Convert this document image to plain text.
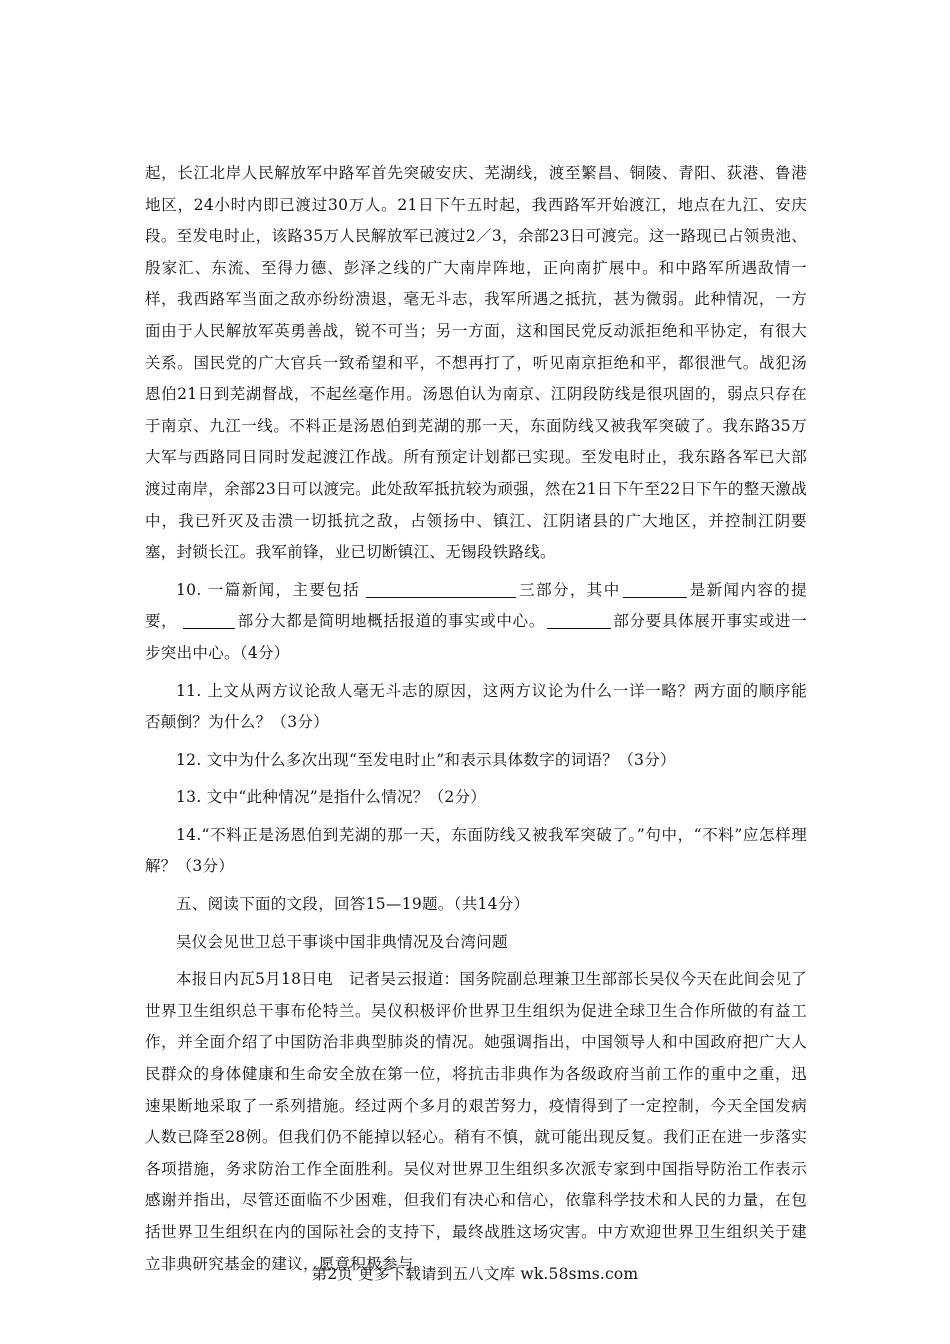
起，长江北岸人民解放军中路军首先突破安庆、芜湖线，渡至繁昌、铜陵、青阳、荻港、鲁港地区，24小时内即已渡过30万人。21日下午五时起，我西路军开始渡江，地点在九江、安庆段。至发电时止，该路35万人民解放军已渡过2／3，余部23日可渡完。这一路现已占领贵池、殷家汇、东流、至得力德、彭泽之线的广大南岸阵地，正向南扩展中。和中路军所遇敌情一样，我西路军当面之敌亦纷纷溃退，毫无斗志，我军所遇之抵抗，甚为微弱。此种情况，一方面由于人民解放军英勇善战，锐不可当；另一方面，这和国民党反动派拒绝和平协定，有很大关系。国民党的广大官兵一致希望和平，不想再打了，听见南京拒绝和平，都很泄气。战犯汤恩伯21日到芜湖督战，不起丝毫作用。汤恩伯认为南京、江阴段防线是很巩固的，弱点只存在于南京、九江一线。不料正是汤恩伯到芜湖的那一天，东面防线又被我军突破了。我东路35万大军与西路同日同时发起渡江作战。所有预定计划都已实现。至发电时止，我东路各军已大部渡过南岸，余部23日可以渡完。此处敌军抵抗较为顽强，然在21日下午至22日下午的整天激战中，我已歼灭及击溃一切抵抗之敌，占领扬中、镇江、江阴诸县的广大地区，并控制江阴要塞，封锁长江。我军前锋，业已切断镇江、无锡段铁路线。

10. 一篇新闻，主要包括	三部分，其中	是新闻内容的提要，	部分大都是简明地概括报道的事实或中心。	部分要具体展开事实或进一步突出中心。（4分）

11. 上文从两方议论敌人毫无斗志的原因，这两方议论为什么一详一略？两方面的顺序能否颠倒？为什么？（3分）

12. 文中为什么多次出现“至发电时止”和表示具体数字的词语？（3分）

13. 文中“此种情况”是指什么情况？（2分）

14.“不料正是汤恩伯到芜湖的那一天，东面防线又被我军突破了。”句中，“不料”应怎样理解？（3分）

五、阅读下面的文段，回答15—19题。（共14分）

吴仪会见世卫总干事谈中国非典情况及台湾问题

本报日内瓦5月18日电　记者吴云报道：国务院副总理兼卫生部部长吴仪今天在此间会见了世界卫生组织总干事布伦特兰。吴仪积极评价世界卫生组织为促进全球卫生合作所做的有益工作，并全面介绍了中国防治非典型肺炎的情况。她强调指出，中国领导人和中国政府把广大人民群众的身体健康和生命安全放在第一位，将抗击非典作为各级政府当前工作的重中之重，迅速果断地采取了一系列措施。经过两个多月的艰苦努力，疫情得到了一定控制，今天全国发病人数已降至28例。但我们仍不能掉以轻心。稍有不慎，就可能出现反复。我们正在进一步落实各项措施，务求防治工作全面胜利。吴仪对世界卫生组织多次派专家到中国指导防治工作表示感谢并指出，尽管还面临不少困难，但我们有决心和信心，依靠科学技术和人民的力量，在包括世界卫生组织在内的国际社会的支持下，最终战胜这场灾害。中方欢迎世界卫生组织关于建立非典研究基金的建议，愿意积极参与。

第2页 更多下载请到五八文库 wk.58sms.com
